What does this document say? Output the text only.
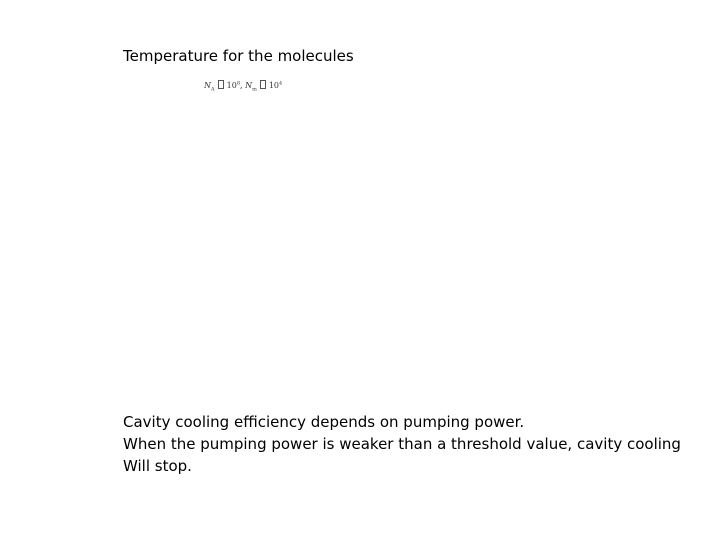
Temperature for the molecules
$N_A$ $10^8$, $N_m$ $10^4$
Cavity cooling efficiency depends on pumping power.
When the pumping power is weaker than a threshold value, cavity cooling
Will stop.
